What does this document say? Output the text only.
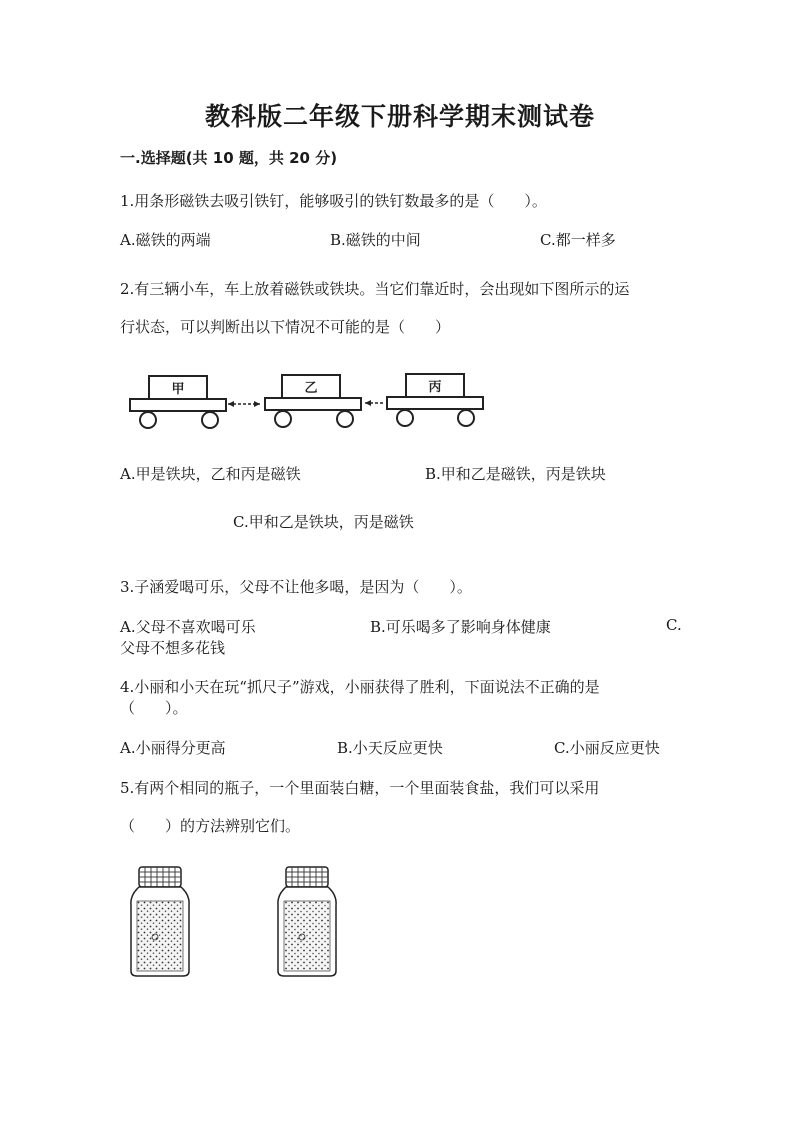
教科版二年级下册科学期末测试卷
一.选择题(共 10 题，共 20 分)
1.用条形磁铁去吸引铁钉，能够吸引的铁钉数最多的是（　　）。
A.磁铁的两端	B.磁铁的中间	C.都一样多
2.有三辆小车，车上放着磁铁或铁块。当它们靠近时，会出现如下图所示的运
行状态，可以判断出以下情况不可能的是（　　）
甲	乙	丙
A.甲是铁块，乙和丙是磁铁	B.甲和乙是磁铁，丙是铁块
C.甲和乙是铁块，丙是磁铁
3.子涵爱喝可乐，父母不让他多喝，是因为（　　）。
A.父母不喜欢喝可乐	B.可乐喝多了影响身体健康	C.
父母不想多花钱
4.小丽和小天在玩“抓尺子”游戏，小丽获得了胜利，下面说法不正确的是
（　　）。
A.小丽得分更高	B.小天反应更快	C.小丽反应更快
5.有两个相同的瓶子，一个里面装白糖，一个里面装食盐，我们可以采用
（　　）的方法辨别它们。
